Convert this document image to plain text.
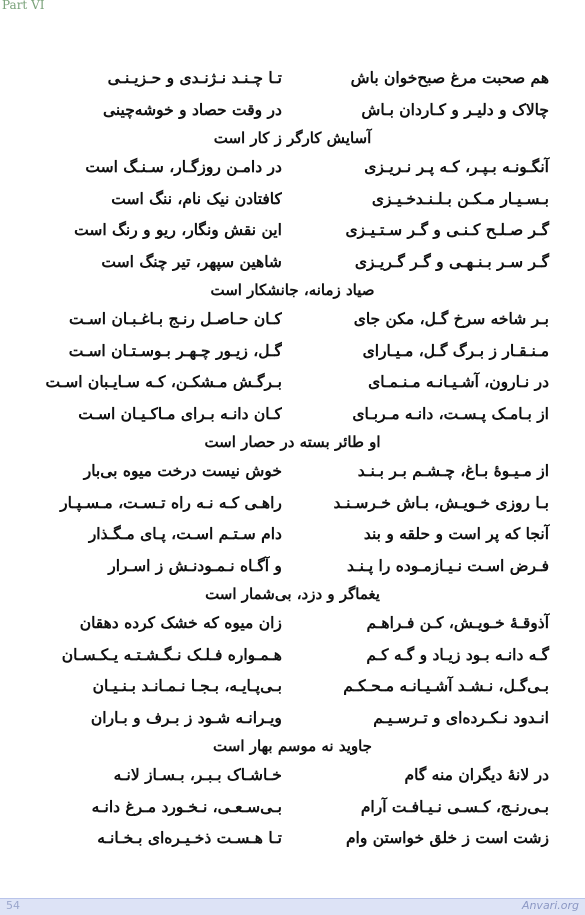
Part VI
هم صحبت مرغ صبح‌خوان باش
تـا چـنـد نـژنـدی و حـزیـنـی
چالاک و دلیـر و کـاردان بـاش
در وقت حصاد و خوشه‌چینی
آسایش کارگر ز کار است
آنگـونـه بـپـر، کـه پـر نـریـزی
در دامـن روزگـار، سـنـگ است
بـسـیـار مـکـن بـلـنـدخـیـزی
کافتادن نیک نام، ننگ است
گـر صـلـح کـنـی و گـر سـتـیـزی
این نقش ونگار، ریو و رنگ است
گـر سـر بـنـهـی و گـر گـریـزی
شاهین سپهر، تیر چنگ است
صیاد زمانه، جانشکار است
بـر شاخه سرخ گـل، مکن جای
کـان حـاصـل رنـج بـاغـبـان اسـت
مـنـقـار ز بـرگ گـل، مـیـارای
گـل، زیـور چـهـر بـوسـتـان اسـت
در نـارون، آشـیـانـه مـنـمـای
بـرگـش مـشکـن، کـه سـایـبان اسـت
از بـامـک پـسـت، دانـه مـربـای
کـان دانـه بـرای مـاکـیـان اسـت
او طائر بسته در حصار است
از مـیـوهٔ بـاغ، چـشـم بـر بـنـد
خوش نیست درخت میوه بی‌بار
بـا روزی خـویـش، بـاش خـرسـنـد
راهـی کـه نـه راه تـسـت، مـسـپـار
آنجا که پر است و حلقه و بند
دام سـتـم اسـت، پـای مـگـذار
فـرض اسـت نـیـازمـوده را پـنـد
و آگـاه نـمـودنـش ز اسـرار
یغماگر و دزد، بی‌شمار است
آذوقـهٔ خـویـش، کـن فـراهـم
زان میوه که خشک کرده دهقان
گـه دانـه بـود زیـاد و گـه کـم
هـمـواره فـلـک نـگـشـتـه یـکـسـان
بـی‌گـل، نـشـد آشـیـانـه مـحـکـم
بـی‌پـایـه، بـجـا نـمـانـد بـنـیـان
انـدود نـکـرده‌ای و تـرسـیـم
ویـرانـه شـود ز بـرف و بـاران
جاوید نه موسم بهار است
در لانهٔ دیگران منه گام
خـاشـاک بـبـر، بـسـاز لانـه
بـی‌رنـج، کـسـی نـیـافـت آرام
بـی‌سـعـی، نـخـورد مـرغ دانـه
زشت است ز خلق خواستن وام
تـا هـسـت ذخـیـره‌ای بـخـانـه
54	Anvari.org
